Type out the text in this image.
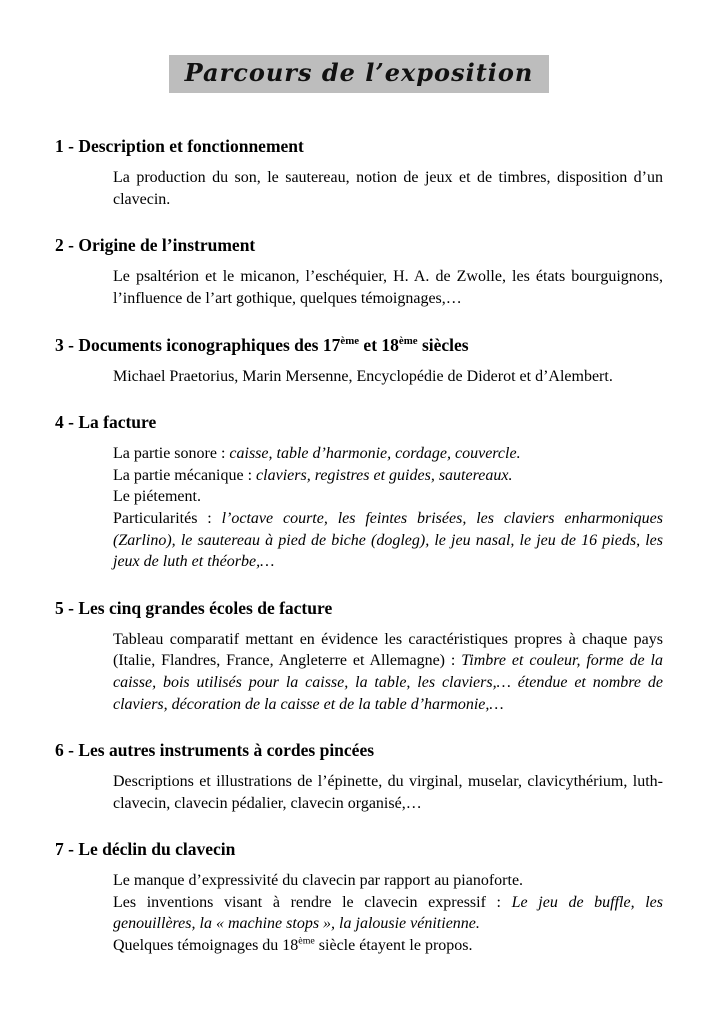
Parcours de l’exposition
1 - Description et fonctionnement

La production du son, le sautereau, notion de jeux et de timbres, disposition d’un clavecin.

2 - Origine de l’instrument

Le psaltérion et le micanon, l’eschéquier, H. A. de Zwolle, les états bourguignons, l’influence de l’art gothique, quelques témoignages,…

3 - Documents iconographiques des 17ème et 18ème siècles

Michael Praetorius, Marin Mersenne, Encyclopédie de Diderot et d’Alembert.

4 - La facture

La partie sonore : caisse, table d’harmonie, cordage, couvercle.

La partie mécanique : claviers, registres et guides, sautereaux.

Le piétement.

Particularités : l’octave courte, les feintes brisées, les claviers enharmoniques (Zarlino), le sautereau à pied de biche (dogleg), le jeu nasal, le jeu de 16 pieds, les jeux de luth et théorbe,…

5 - Les cinq grandes écoles de facture

Tableau comparatif mettant en évidence les caractéristiques propres à chaque pays (Italie, Flandres, France, Angleterre et Allemagne) : Timbre et couleur, forme de la caisse, bois utilisés pour la caisse, la table, les claviers,… étendue et nombre de claviers, décoration de la caisse et de la table d’harmonie,…

6 - Les autres instruments à cordes pincées

Descriptions et illustrations de l’épinette, du virginal, muselar, clavicythérium, luth-clavecin, clavecin pédalier, clavecin organisé,…

7 - Le déclin du clavecin

Le manque d’expressivité du clavecin par rapport au pianoforte.

Les inventions visant à rendre le clavecin expressif : Le jeu de buffle, les genouillères, la « machine stops », la jalousie vénitienne.

Quelques témoignages du 18ème siècle étayent le propos.
